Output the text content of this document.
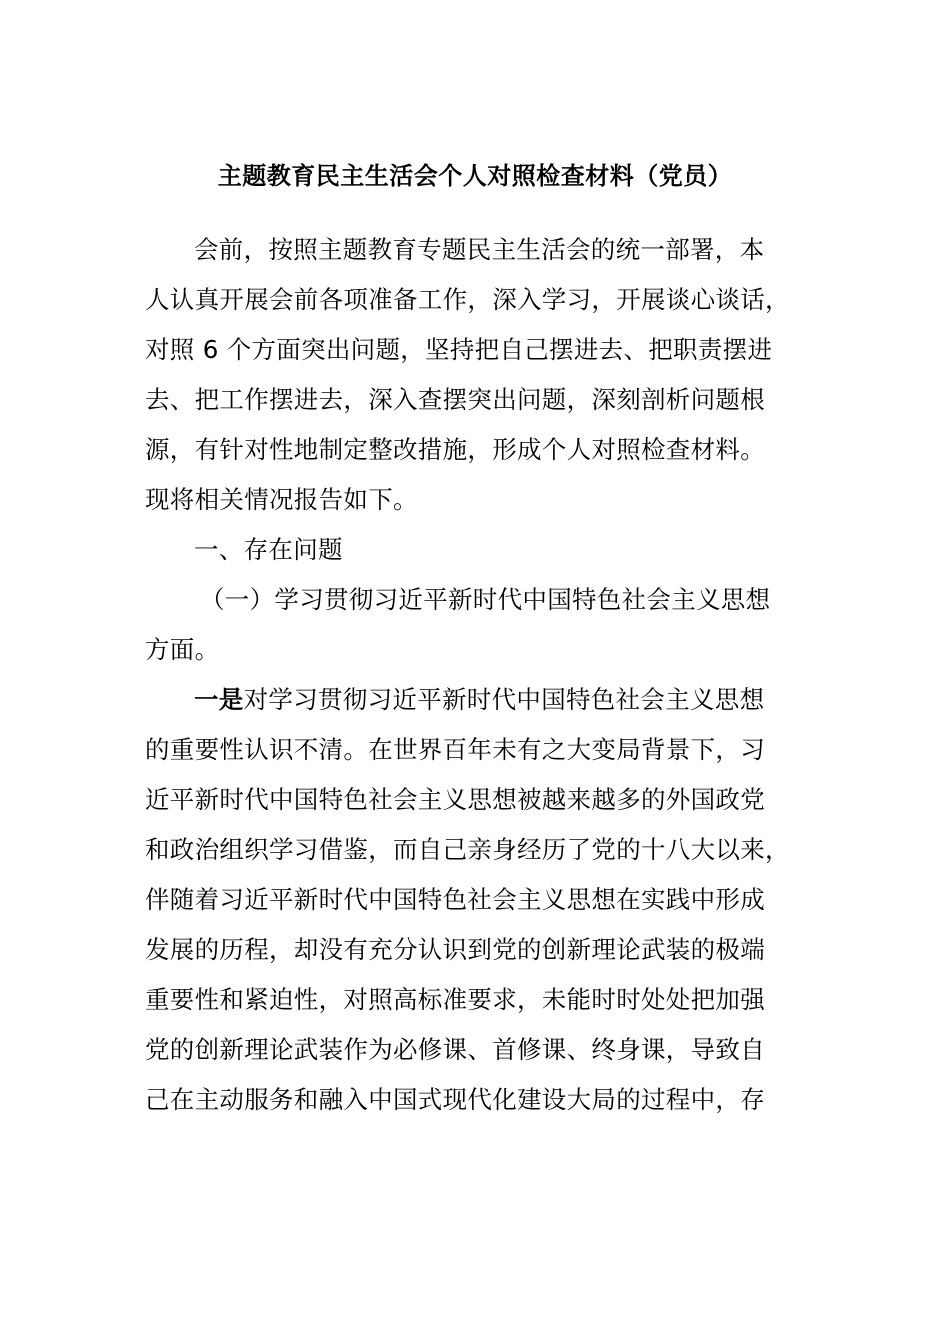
主题教育民主生活会个人对照检查材料（党员）
会前，按照主题教育专题民主生活会的统一部署，本
人认真开展会前各项准备工作，深入学习，开展谈心谈话，
对照 6 个方面突出问题，坚持把自己摆进去、把职责摆进
去、把工作摆进去，深入查摆突出问题，深刻剖析问题根
源，有针对性地制定整改措施，形成个人对照检查材料。
现将相关情况报告如下。
一、存在问题
（一）学习贯彻习近平新时代中国特色社会主义思想
方面。
一是对学习贯彻习近平新时代中国特色社会主义思想
的重要性认识不清。在世界百年未有之大变局背景下，习
近平新时代中国特色社会主义思想被越来越多的外国政党
和政治组织学习借鉴，而自己亲身经历了党的十八大以来，
伴随着习近平新时代中国特色社会主义思想在实践中形成
发展的历程，却没有充分认识到党的创新理论武装的极端
重要性和紧迫性，对照高标准要求，未能时时处处把加强
党的创新理论武装作为必修课、首修课、终身课，导致自
己在主动服务和融入中国式现代化建设大局的过程中，存
